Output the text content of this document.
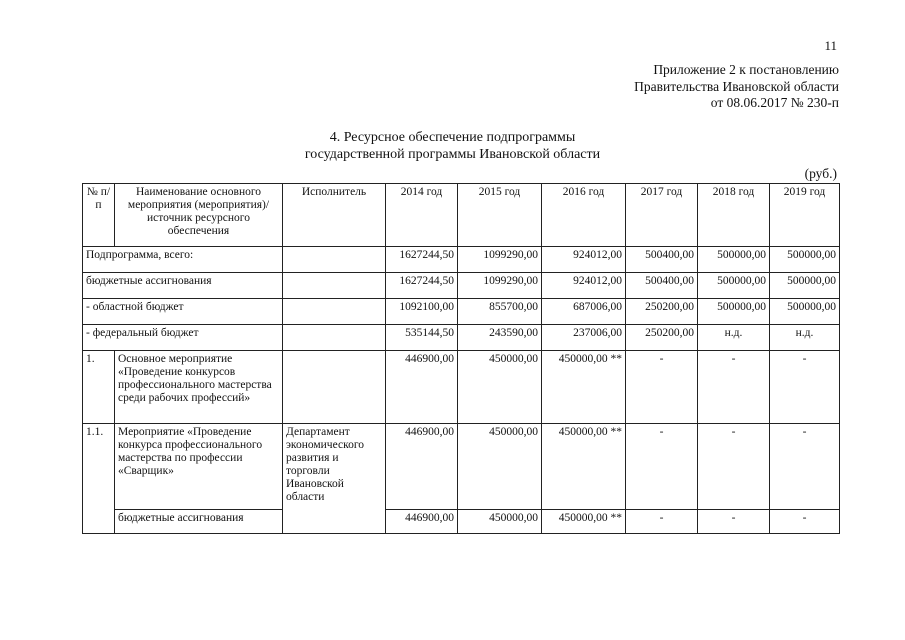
11
Приложение 2 к постановлению
Правительства Ивановской области
от 08.06.2017 № 230-п
4. Ресурсное обеспечение подпрограммы
государственной программы Ивановской области
(руб.)
№ п/п	Наименование основного мероприятия (мероприятия)/источник ресурсного обеспечения	Исполнитель	2014 год	2015 год	2016 год	2017 год	2018 год	2019 год
Подпрограмма, всего:			1627244,50	1099290,00	924012,00	500400,00	500000,00	500000,00
бюджетные ассигнования			1627244,50	1099290,00	924012,00	500400,00	500000,00	500000,00
- областной бюджет			1092100,00	855700,00	687006,00	250200,00	500000,00	500000,00
- федеральный бюджет			535144,50	243590,00	237006,00	250200,00	н.д.	н.д.
1.	Основное мероприятие «Проведение конкурсов профессионального мастерства среди рабочих профессий»		446900,00	450000,00	450000,00 **	-	-	-
1.1.	Мероприятие «Проведение конкурса профессионального мастерства по профессии «Сварщик»	Департамент экономического развития и торговли Ивановской области	446900,00	450000,00	450000,00 **	-	-	-
	бюджетные ассигнования		446900,00	450000,00	450000,00 **	-	-	-
